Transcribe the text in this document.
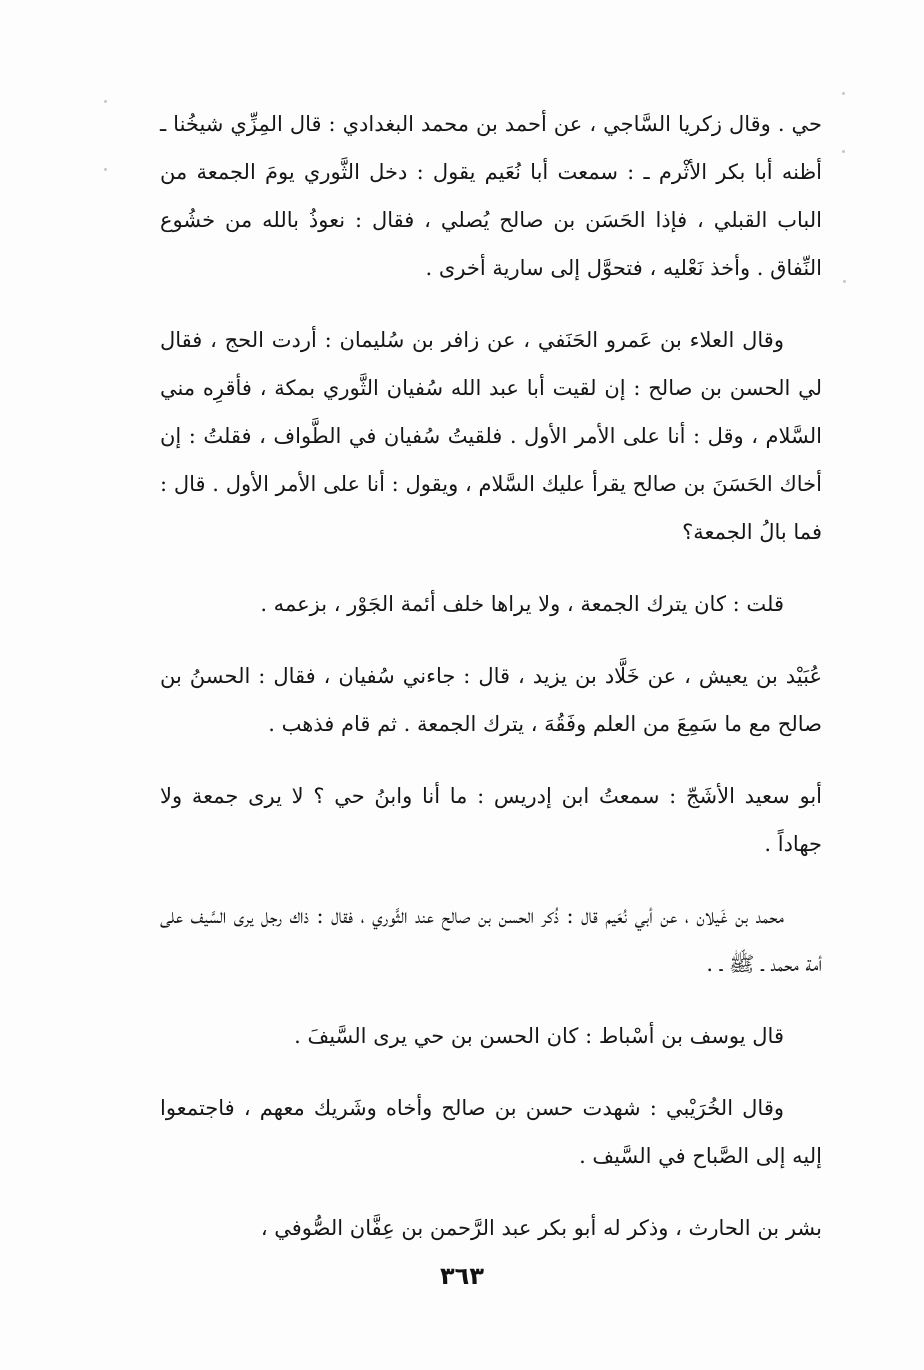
حي . وقال زكريا السَّاجي ، عن أحمد بن محمد البغدادي : قال المِزِّي شيخُنا ـ أظنه أبا بكر الأثْرم ـ : سمعت أبا نُعَيم يقول : دخل الثَّوري يومَ الجمعة من الباب القبلي ، فإذا الحَسَن بن صالح يُصلي ، فقال : نعوذُ بالله من خشُوع النِّفاق . وأخذ نَعْليه ، فتحوَّل إلى سارية أخرى .

وقال العلاء بن عَمرو الحَنَفي ، عن زافر بن سُليمان : أردت الحج ، فقال لي الحسن بن صالح : إن لقيت أبا عبد الله سُفيان الثَّوري بمكة ، فأقرِه مني السَّلام ، وقل : أنا على الأمر الأول . فلقيتُ سُفيان في الطَّواف ، فقلتُ : إن أخاك الحَسَنَ بن صالح يقرأ عليك السَّلام ، ويقول : أنا على الأمر الأول . قال : فما بالُ الجمعة؟

قلت : كان يترك الجمعة ، ولا يراها خلف أئمة الجَوْر ، بزعمه .

عُبَيْد بن يعيش ، عن خَلَّاد بن يزيد ، قال : جاءني سُفيان ، فقال : الحسنُ بن صالح مع ما سَمِعَ من العلم وفَقُهَ ، يترك الجمعة . ثم قام فذهب .

أبو سعيد الأشَجّ : سمعتُ ابن إدريس : ما أنا وابنُ حي ؟ لا يرى جمعة ولا جهاداً .

محمد بن غَيلان ، عن أبي نُعَيم قال : ذُكر الحسن بن صالح عند الثَّوري ، فقال : ذاك رجل يرى السَّيف على أمة محمد ـ ﷺ ـ .

قال يوسف بن أسْباط : كان الحسن بن حي يرى السَّيفَ .

وقال الخُرَيْبي : شهدت حسن بن صالح وأخاه وشَريك معهم ، فاجتمعوا إليه إلى الصَّباح في السَّيف .

بشر بن الحارث ، وذكر له أبو بكر عبد الرَّحمن بن عِفَّان الصُّوفي ،

٣٦٣
